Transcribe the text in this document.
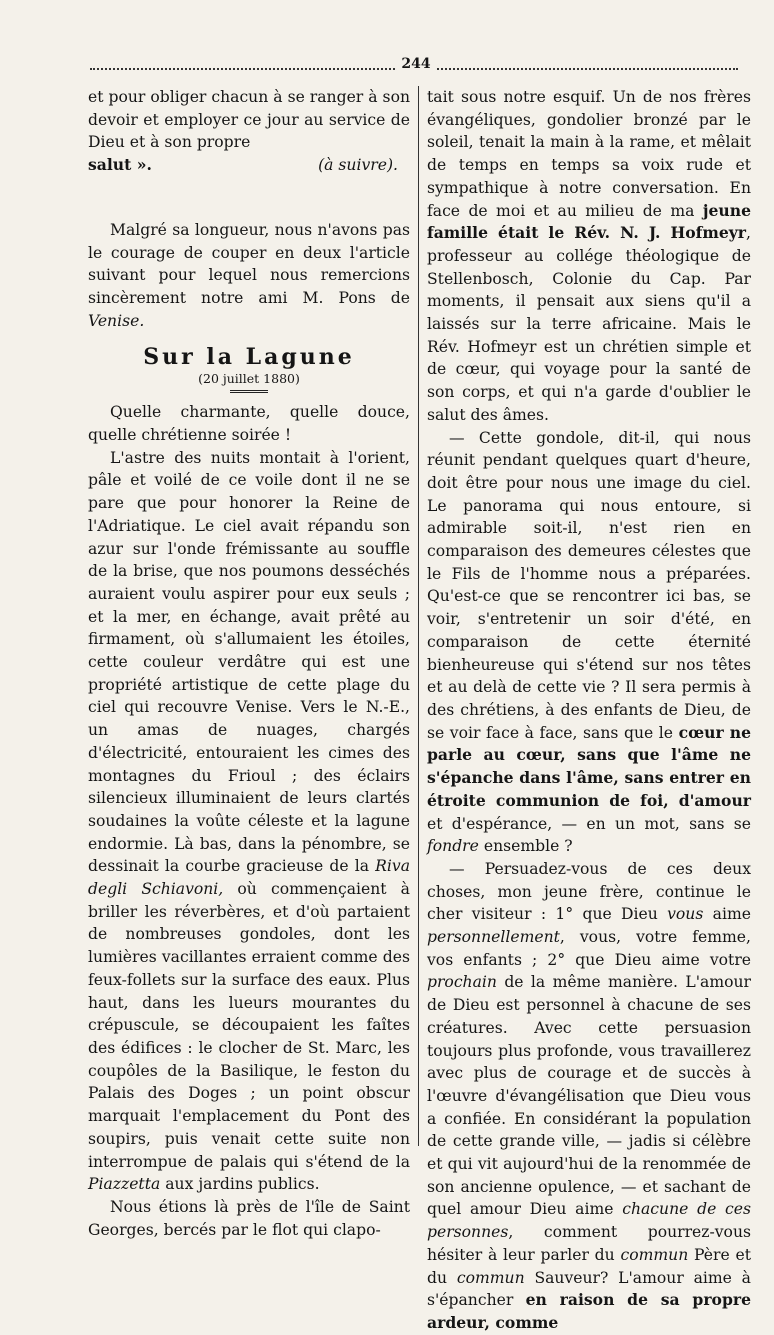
244

et pour obliger chacun à se ranger à son devoir et employer ce jour au service de Dieu et à son propre

salut ».	(à suivre).

Malgré sa longueur, nous n'avons pas le courage de couper en deux l'article suivant pour lequel nous remercions sincèrement notre ami M. Pons de Venise.

Sur la Lagune
(20 juillet 1880)

Quelle charmante, quelle douce, quelle chrétienne soirée !

L'astre des nuits montait à l'orient, pâle et voilé de ce voile dont il ne se pare que pour honorer la Reine de l'Adriatique. Le ciel avait répandu son azur sur l'onde frémissante au souffle de la brise, que nos poumons desséchés auraient voulu aspirer pour eux seuls ; et la mer, en échange, avait prêté au firmament, où s'allumaient les étoiles, cette couleur verdâtre qui est une propriété artistique de cette plage du ciel qui recouvre Venise. Vers le N.-E., un amas de nuages, chargés d'électricité, entouraient les cimes des montagnes du Frioul ; des éclairs silencieux illuminaient de leurs clartés soudaines la voûte céleste et la lagune endormie. Là bas, dans la pénombre, se dessinait la courbe gracieuse de la Riva degli Schiavoni, où commençaient à briller les réverbères, et d'où partaient de nombreuses gondoles, dont les lumières vacillantes erraient comme des feux-follets sur la surface des eaux. Plus haut, dans les lueurs mourantes du crépuscule, se découpaient les faîtes des édifices : le clocher de St. Marc, les coupôles de la Basilique, le feston du Palais des Doges ; un point obscur marquait l'emplacement du Pont des soupirs, puis venait cette suite non interrompue de palais qui s'étend de la Piazzetta aux jardins publics.

Nous étions là près de l'île de Saint Georges, bercés par le flot qui clapo-

tait sous notre esquif. Un de nos frères évangéliques, gondolier bronzé par le soleil, tenait la main à la rame, et mêlait de temps en temps sa voix rude et sympathique à notre conversation. En face de moi et au milieu de ma jeune famille était le Rév. N. J. Hofmeyr, professeur au collége théologique de Stellenbosch, Colonie du Cap. Par moments, il pensait aux siens qu'il a laissés sur la terre africaine. Mais le Rév. Hofmeyr est un chrétien simple et de cœur, qui voyage pour la santé de son corps, et qui n'a garde d'oublier le salut des âmes.

— Cette gondole, dit-il, qui nous réunit pendant quelques quart d'heure, doit être pour nous une image du ciel. Le panorama qui nous entoure, si admirable soit-il, n'est rien en comparaison des demeures célestes que le Fils de l'homme nous a préparées. Qu'est-ce que se rencontrer ici bas, se voir, s'entretenir un soir d'été, en comparaison de cette éternité bienheureuse qui s'étend sur nos têtes et au delà de cette vie ? Il sera permis à des chrétiens, à des enfants de Dieu, de se voir face à face, sans que le cœur ne parle au cœur, sans que l'âme ne s'épanche dans l'âme, sans entrer en étroite communion de foi, d'amour et d'espérance, — en un mot, sans se fondre ensemble ?

— Persuadez-vous de ces deux choses, mon jeune frère, continue le cher visiteur : 1° que Dieu vous aime personnellement, vous, votre femme, vos enfants ; 2° que Dieu aime votre prochain de la même manière. L'amour de Dieu est personnel à chacune de ses créatures. Avec cette persuasion toujours plus profonde, vous travaillerez avec plus de courage et de succès à l'œuvre d'évangélisation que Dieu vous a confiée. En considérant la population de cette grande ville, — jadis si célèbre et qui vit aujourd'hui de la renommée de son ancienne opulence, — et sachant de quel amour Dieu aime chacune de ces personnes, comment pourrez-vous hésiter à leur parler du commun Père et du commun Sauveur? L'amour aime à s'épancher en raison de sa propre ardeur, comme
